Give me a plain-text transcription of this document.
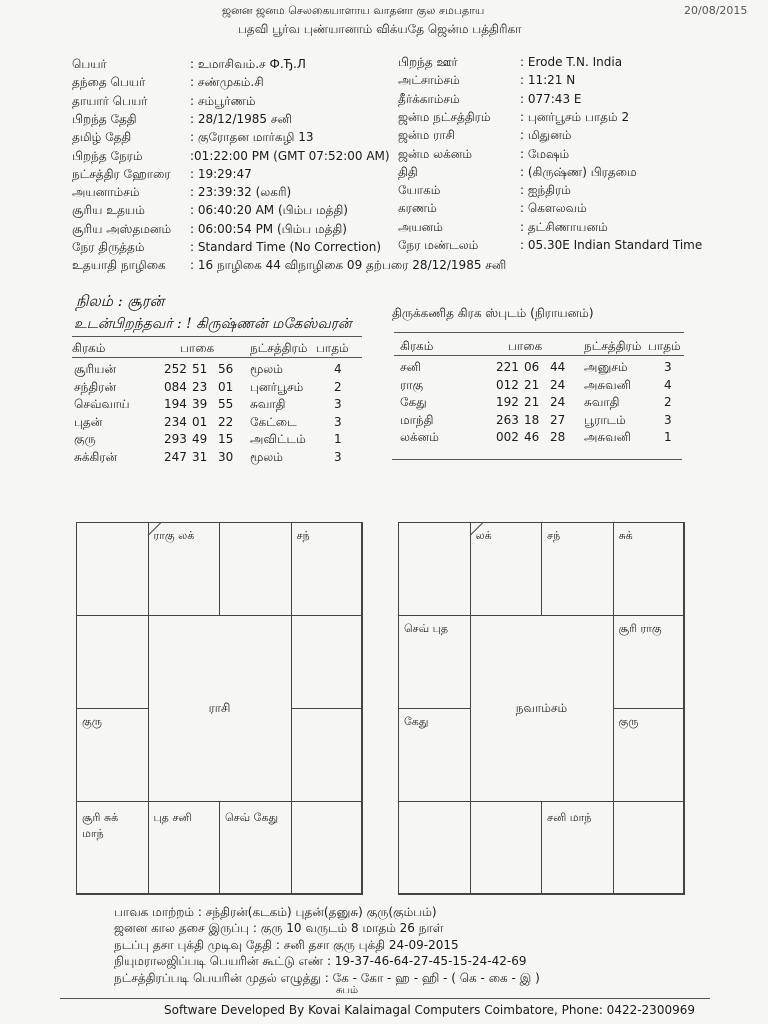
ஜனன ஜனம செலகையாளாய வாதனா குல சமபதாய
பதவி பூர்வ புண்யானாம் விக்யதே ஜென்ம பத்திரிகா
20/08/2015
பெயர்	: உமாசிவம்.ச Ф.Ђ.Л
தந்தை பெயர்	: சண்முகம்.சி
தாயார் பெயர்	: சம்பூர்ணம்
பிறந்த தேதி	: 28/12/1985 சனி
தமிழ் தேதி	: குரோதன மார்கழி 13
பிறந்த நேரம்	:01:22:00 PM (GMT 07:52:00 AM)
நட்சத்திர ஹோரை : 19:29:47
அயனாம்சம்	: 23:39:32 (லகரி)
சூரிய உதயம்	: 06:40:20 AM (பிம்ப மத்தி)
சூரிய அஸ்தமனம் : 06:00:54 PM (பிம்ப மத்தி)
நேர திருத்தம்	: Standard Time (No Correction)
உதயாதி நாழிகை : 16 நாழிகை 44 விநாழிகை 09 தற்பரை 28/12/1985 சனி
பிறந்த ஊர்	: Erode T.N. India
அட்சாம்சம்	: 11:21 N
தீர்க்காம்சம்	: 077:43 E
ஜன்ம நட்சத்திரம் : புனர்பூசம் பாதம் 2
ஜன்ம ராசி	: மிதுனம்
ஜன்ம லக்னம்	: மேஷம்
திதி	: (கிருஷ்ண) பிரதமை
யோகம்	: ஐந்திரம்
கரணம்	: கௌலவம்
அயனம்	: தட்சிணாயனம்
நேர மண்டலம்	: 05.30E Indian Standard Time
நிலம் : சூரன்
உடன்பிறந்தவர் : ! கிருஷ்ணன் மகேஸ்வரன்
திருக்கணித கிரக ஸ்புடம் (நிராயனம்)
கிரகம்	பாகை	நட்சத்திரம் பாதம்	கிரகம்	பாகை	நட்சத்திரம் பாதம்
சூரியன்	252 51 56 மூலம்	4
சந்திரன்	084 23 01 புனர்பூசம்	2
செவ்வாய்	194 39 55 சுவாதி	3
புதன்	234 01 22 கேட்டை	3
குரு	293 49 15 அவிட்டம் 1
சுக்கிரன்	247 31 30 மூலம்	3
சனி	221 06 44 அனுசம்	3
ராகு	012 21 24 அசுவனி	4
கேது	192 21 24 சுவாதி	2
மாந்தி	263 18 27 பூராடம்	3
லக்னம்	002 46 28 அசுவனி	1
ராகு லக்	சந்
குரு
சூரி சுக்
மாந்
புத சனி	செவ் கேது
ராசி
லக்	சந்	சுக்
செவ் புத	சூரி ராகு
கேது	குரு
சனி மாந்
நவாம்சம்
பாவக மாற்றம் : சந்திரன்(கடகம்) புதன்(தனுசு) குரு(கும்பம்)
ஜனன கால தசை இருப்பு : குரு 10 வருடம் 8 மாதம் 26 நாள்
நடப்பு தசா புக்தி முடிவு தேதி : சனி தசா குரு புக்தி 24-09-2015
நியுமராலஜிப்படி பெயரின் கூட்டு எண் : 19-37-46-64-27-45-15-24-42-69
நட்சத்திரப்படி பெயரின் முதல் எழுத்து : கே - கோ - ஹ - ஹி - ( கெ - கை - இ )
சுபம்
Software Developed By Kovai Kalaimagal Computers Coimbatore, Phone: 0422-2300969
